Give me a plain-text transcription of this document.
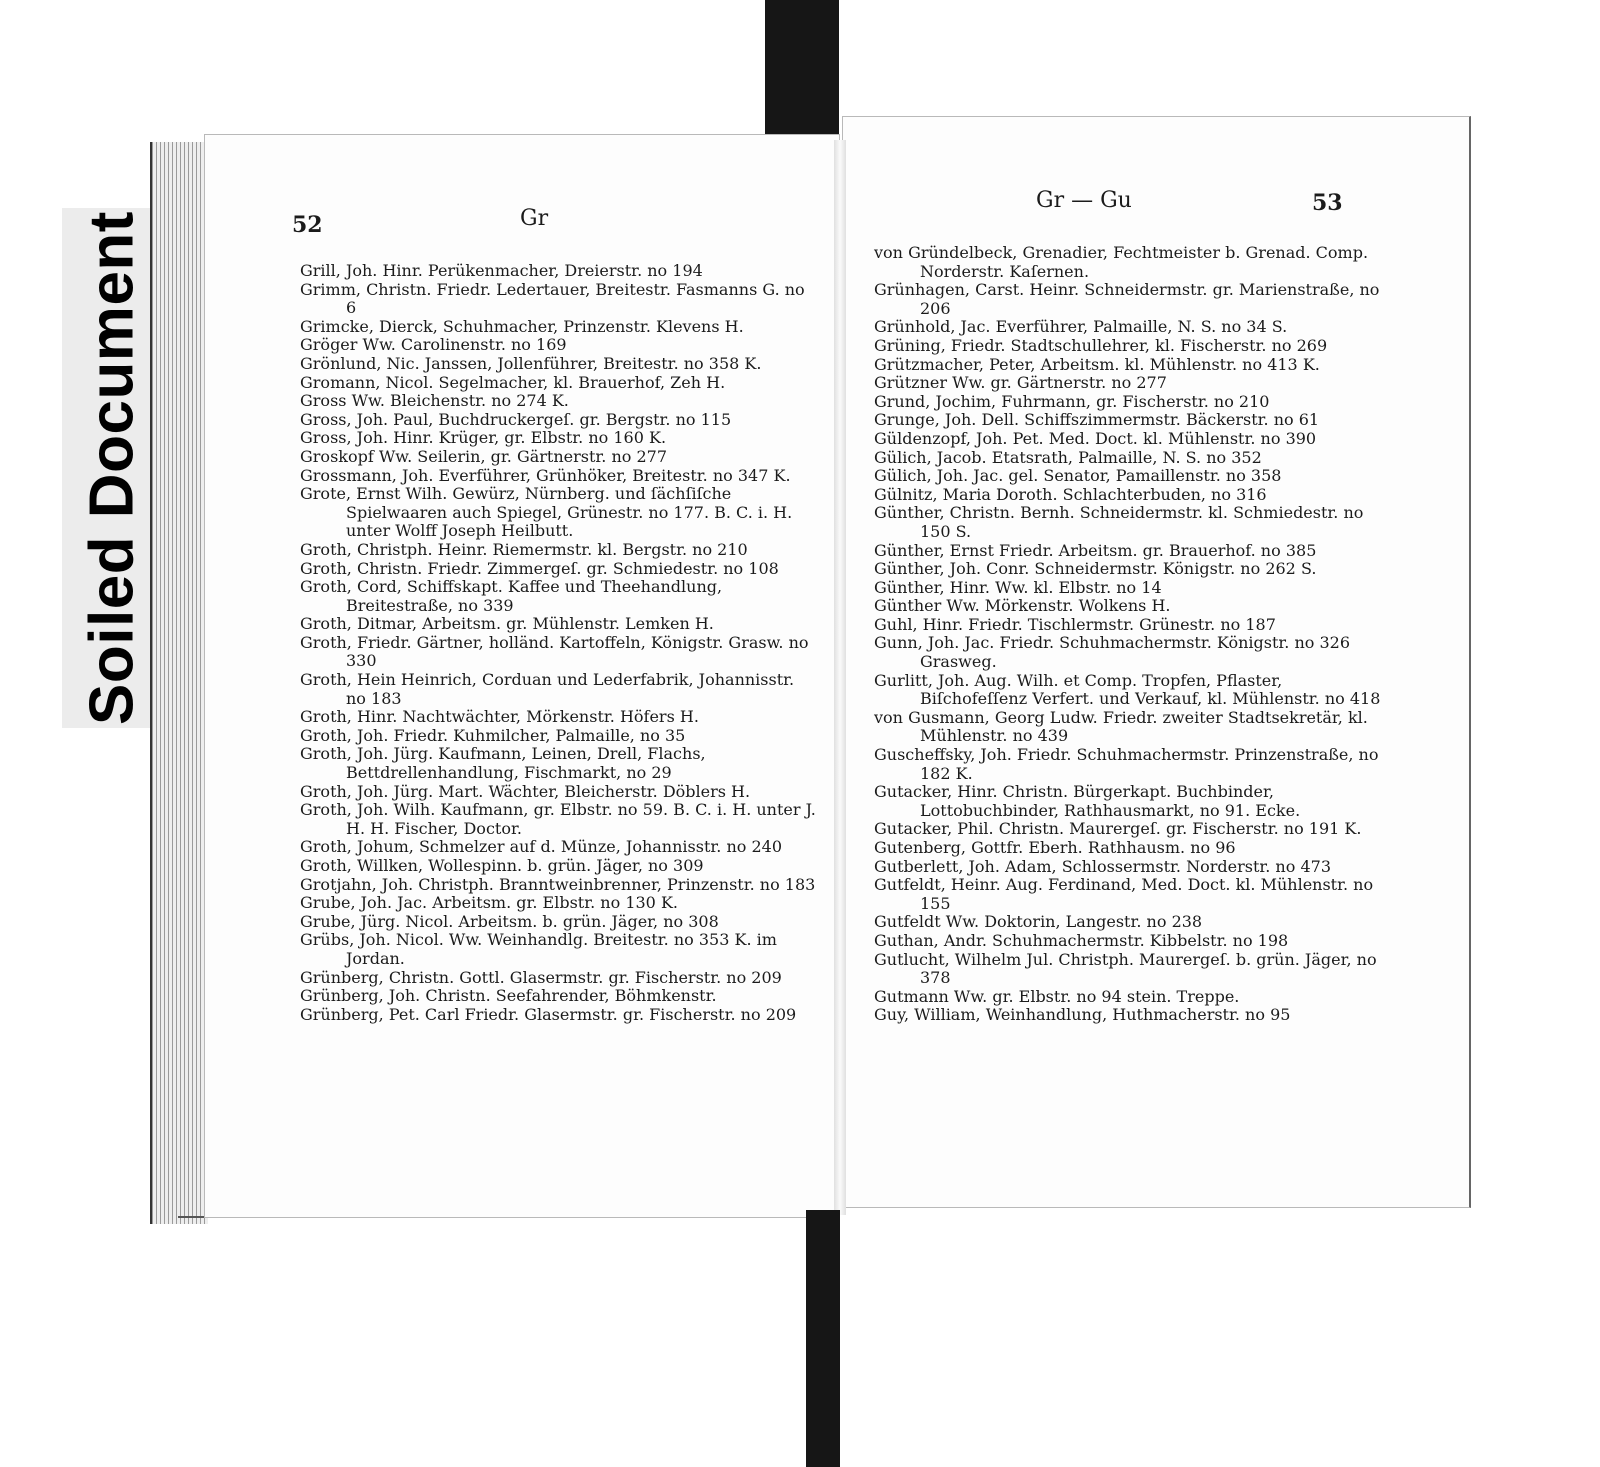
Soiled Document	52	Gr
Gr — Gu	53
Grill, Joh. Hinr. Perükenmacher, Dreierstr. no 194
Grimm, Christn. Friedr. Ledertauer, Breitestr. Fasmanns G. no 6
Grimcke, Dierck, Schuhmacher, Prinzenstr. Klevens H.
Gröger Ww. Carolinenstr. no 169
Grönlund, Nic. Janssen, Jollenführer, Breitestr. no 358 K.
Gromann, Nicol. Segelmacher, kl. Brauerhof, Zeh H.
Gross Ww. Bleichenstr. no 274 K.
Gross, Joh. Paul, Buchdruckergeſ. gr. Bergstr. no 115
Gross, Joh. Hinr. Krüger, gr. Elbstr. no 160 K.
Groskopf Ww. Seilerin, gr. Gärtnerstr. no 277
Grossmann, Joh. Everführer, Grünhöker, Breitestr. no 347 K.
Grote, Ernst Wilh. Gewürz, Nürnberg. und ſächſiſche Spielwaaren auch Spiegel, Grünestr. no 177. B. C. i. H. unter Wolff Joseph Heilbutt.
Groth, Christph. Heinr. Riemermstr. kl. Bergstr. no 210
Groth, Christn. Friedr. Zimmergeſ. gr. Schmiedestr. no 108
Groth, Cord, Schiffskapt. Kaffee und Theehandlung, Breitestraße, no 339
Groth, Ditmar, Arbeitsm. gr. Mühlenstr. Lemken H.
Groth, Friedr. Gärtner, holländ. Kartoffeln, Königstr. Grasw. no 330
Groth, Hein Heinrich, Corduan und Lederfabrik, Johannisstr. no 183
Groth, Hinr. Nachtwächter, Mörkenstr. Höfers H.
Groth, Joh. Friedr. Kuhmilcher, Palmaille, no 35
Groth, Joh. Jürg. Kaufmann, Leinen, Drell, Flachs, Bettdrellenhandlung, Fischmarkt, no 29
Groth, Joh. Jürg. Mart. Wächter, Bleicherstr. Döblers H.
Groth, Joh. Wilh. Kaufmann, gr. Elbstr. no 59. B. C. i. H. unter J. H. H. Fischer, Doctor.
Groth, Johum, Schmelzer auf d. Münze, Johannisstr. no 240
Groth, Willken, Wollespinn. b. grün. Jäger, no 309
Grotjahn, Joh. Christph. Branntweinbrenner, Prinzenstr. no 183
Grube, Joh. Jac. Arbeitsm. gr. Elbstr. no 130 K.
Grube, Jürg. Nicol. Arbeitsm. b. grün. Jäger, no 308
Grübs, Joh. Nicol. Ww. Weinhandlg. Breitestr. no 353 K. im Jordan.
Grünberg, Christn. Gottl. Glasermstr. gr. Fischerstr. no 209
Grünberg, Joh. Christn. Seefahrender, Böhmkenstr.
Grünberg, Pet. Carl Friedr. Glasermstr. gr. Fischerstr. no 209
von Gründelbeck, Grenadier, Fechtmeister b. Grenad. Comp. Norderstr. Kaſernen.
Grünhagen, Carst. Heinr. Schneidermstr. gr. Marienstraße, no 206
Grünhold, Jac. Everführer, Palmaille, N. S. no 34 S.
Grüning, Friedr. Stadtschullehrer, kl. Fischerstr. no 269
Grützmacher, Peter, Arbeitsm. kl. Mühlenstr. no 413 K.
Grützner Ww. gr. Gärtnerstr. no 277
Grund, Jochim, Fuhrmann, gr. Fischerstr. no 210
Grunge, Joh. Dell. Schiffszimmermstr. Bäckerstr. no 61
Güldenzopf, Joh. Pet. Med. Doct. kl. Mühlenstr. no 390
Gülich, Jacob. Etatsrath, Palmaille, N. S. no 352
Gülich, Joh. Jac. gel. Senator, Pamaillenstr. no 358
Gülnitz, Maria Doroth. Schlachterbuden, no 316
Günther, Christn. Bernh. Schneidermstr. kl. Schmiedestr. no 150 S.
Günther, Ernst Friedr. Arbeitsm. gr. Brauerhof. no 385
Günther, Joh. Conr. Schneidermstr. Königstr. no 262 S.
Günther, Hinr. Ww. kl. Elbstr. no 14
Günther Ww. Mörkenstr. Wolkens H.
Guhl, Hinr. Friedr. Tischlermstr. Grünestr. no 187
Gunn, Joh. Jac. Friedr. Schuhmachermstr. Königstr. no 326 Grasweg.
Gurlitt, Joh. Aug. Wilh. et Comp. Tropfen, Pflaster, Biſchofeſſenz Verfert. und Verkauf, kl. Mühlenstr. no 418
von Gusmann, Georg Ludw. Friedr. zweiter Stadtsekretär, kl. Mühlenstr. no 439
Guscheffsky, Joh. Friedr. Schuhmachermstr. Prinzenstraße, no 182 K.
Gutacker, Hinr. Christn. Bürgerkapt. Buchbinder, Lottobuchbinder, Rathhausmarkt, no 91. Ecke.
Gutacker, Phil. Christn. Maurergeſ. gr. Fischerstr. no 191 K.
Gutenberg, Gottfr. Eberh. Rathhausm. no 96
Gutberlett, Joh. Adam, Schlossermstr. Norderstr. no 473
Gutfeldt, Heinr. Aug. Ferdinand, Med. Doct. kl. Mühlenstr. no 155
Gutfeldt Ww. Doktorin, Langestr. no 238
Guthan, Andr. Schuhmachermstr. Kibbelstr. no 198
Gutlucht, Wilhelm Jul. Christph. Maurergeſ. b. grün. Jäger, no 378
Gutmann Ww. gr. Elbstr. no 94 stein. Treppe.
Guy, William, Weinhandlung, Huthmacherstr. no 95
